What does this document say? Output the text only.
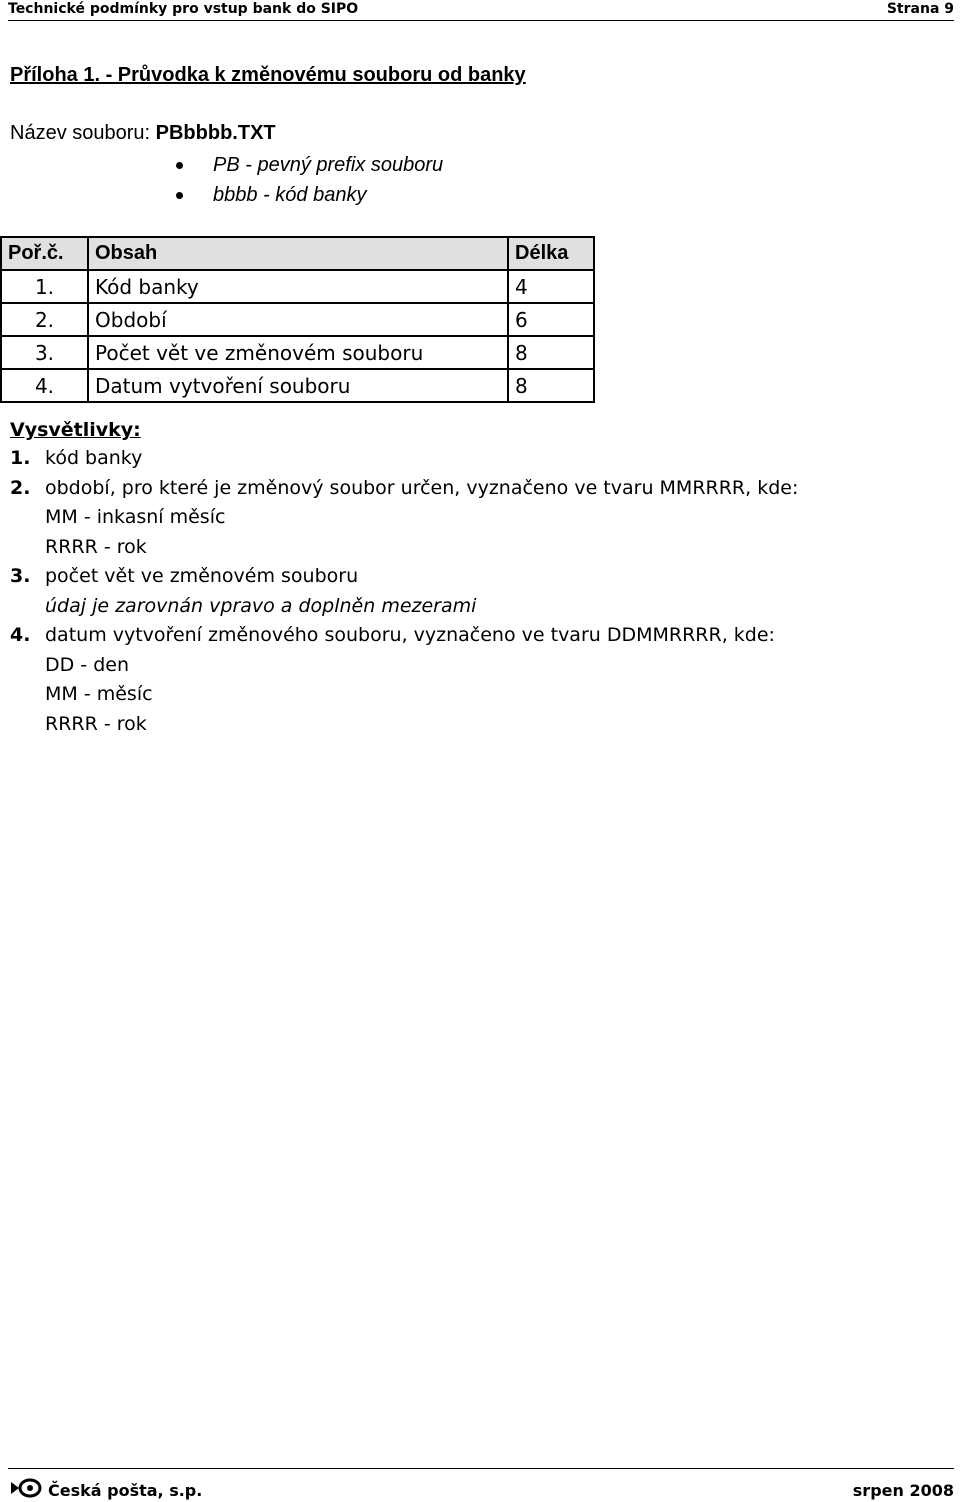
Technické podmínky pro vstup bank do SIPO	Strana 9
Příloha 1. - Průvodka k změnovému souboru od banky
Název souboru: PBbbbb.TXT
PB - pevný prefix souboru
bbbb - kód banky
Poř.č.	Obsah	Délka
1.	Kód banky	4
2.	Období	6
3.	Počet vět ve změnovém souboru	8
4.	Datum vytvoření souboru	8
Vysvětlivky:
1. kód banky
2. období, pro které je změnový soubor určen, vyznačeno ve tvaru MMRRRR, kde:
MM - inkasní měsíc
RRRR - rok
3. počet vět ve změnovém souboru
údaj je zarovnán vpravo a doplněn mezerami
4. datum vytvoření změnového souboru, vyznačeno ve tvaru DDMMRRRR, kde:
DD - den
MM - měsíc
RRRR - rok
Česká pošta, s.p.	srpen 2008
